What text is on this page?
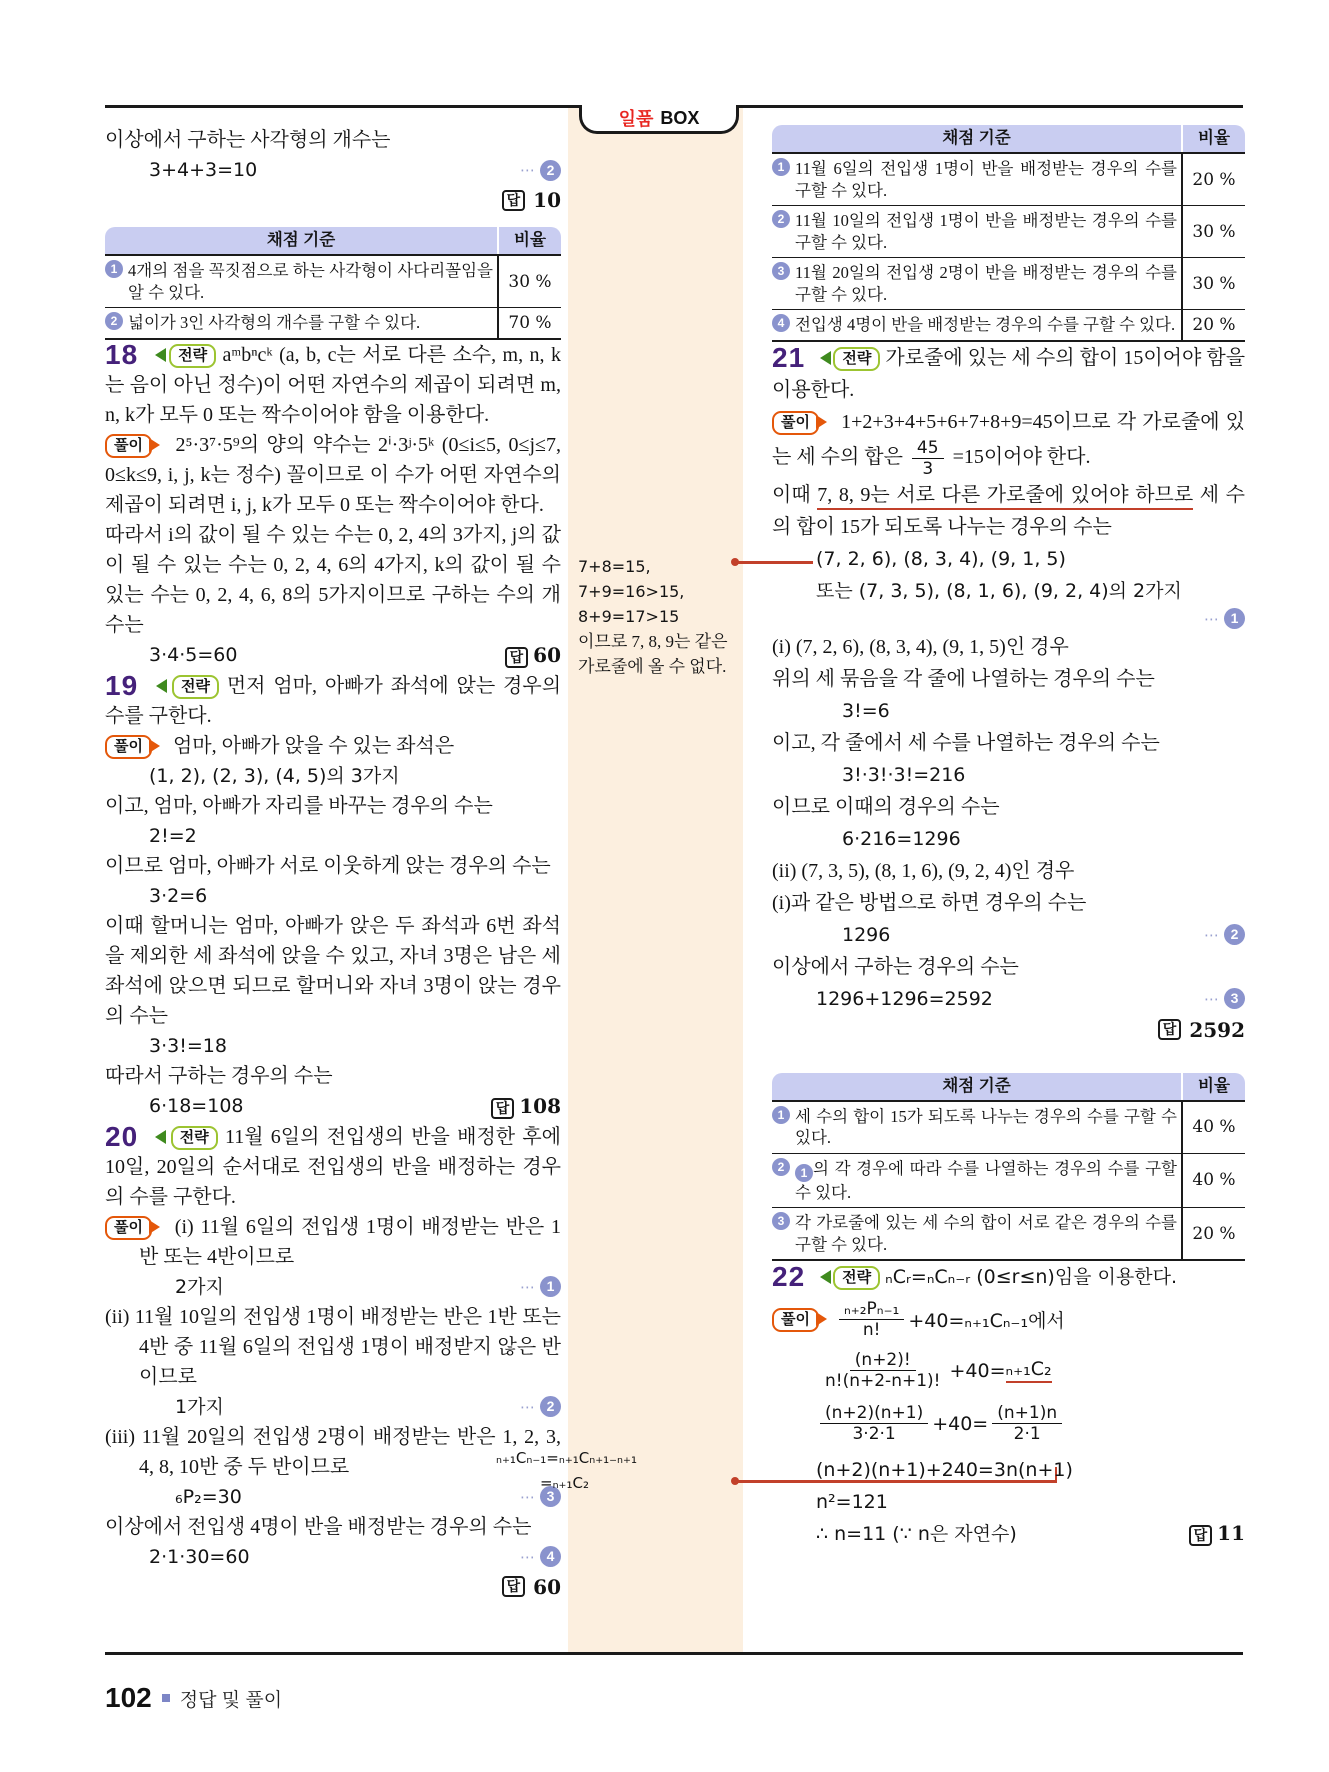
일품 BOX

이상에서 구하는 사각형의 개수는

3+4+3=10	⋯ 2
답 10
채점 기준	비율
1 4개의 점을 꼭짓점으로 하는 사각형이 사다리꼴임을 알 수 있다.
30 %
2 넓이가 3인 사각형의 개수를 구할 수 있다.	70 %

18	전략 aᵐbⁿcᵏ (a, b, c는 서로 다른 소수, m, n, k는 음이 아닌 정수)이 어떤 자연수의 제곱이 되려면 m, n, k가 모두 0 또는 짝수이어야 함을 이용한다.

풀이 2⁵·3⁷·5⁹의 양의 약수는 2ⁱ·3ʲ·5ᵏ (0≤i≤5, 0≤j≤7, 0≤k≤9, i, j, k는 정수) 꼴이므로 이 수가 어떤 자연수의 제곱이 되려면 i, j, k가 모두 0 또는 짝수이어야 한다.

따라서 i의 값이 될 수 있는 수는 0, 2, 4의 3가지, j의 값이 될 수 있는 수는 0, 2, 4, 6의 4가지, k의 값이 될 수 있는 수는 0, 2, 4, 6, 8의 5가지이므로 구하는 수의 개수는

3·4·5=60	답 60

19	전략 먼저 엄마, 아빠가 좌석에 앉는 경우의 수를 구한다.

풀이 엄마, 아빠가 앉을 수 있는 좌석은

(1, 2), (2, 3), (4, 5)의 3가지

이고, 엄마, 아빠가 자리를 바꾸는 경우의 수는

2!=2

이므로 엄마, 아빠가 서로 이웃하게 앉는 경우의 수는

3·2=6

이때 할머니는 엄마, 아빠가 앉은 두 좌석과 6번 좌석을 제외한 세 좌석에 앉을 수 있고, 자녀 3명은 남은 세 좌석에 앉으면 되므로 할머니와 자녀 3명이 앉는 경우의 수는

3·3!=18

따라서 구하는 경우의 수는

6·18=108	답 108

20	전략 11월 6일의 전입생의 반을 배정한 후에 10일, 20일의 순서대로 전입생의 반을 배정하는 경우의 수를 구한다.

풀이 (i) 11월 6일의 전입생 1명이 배정받는 반은 1반 또는 4반이므로

2가지	⋯ 1

(ii) 11월 10일의 전입생 1명이 배정받는 반은 1반 또는 4반 중 11월 6일의 전입생 1명이 배정받지 않은 반이므로

1가지	⋯ 2

(iii) 11월 20일의 전입생 2명이 배정받는 반은 1, 2, 3, 4, 8, 10반 중 두 반이므로

₆P₂=30	⋯ 3

이상에서 전입생 4명이 반을 배정받는 경우의 수는

2·1·30=60	⋯ 4
답 60
7+8=15,
7+9=16>15,
8+9=17>15
이므로 7, 8, 9는 같은 가로줄에 올 수 없다.
ₙ₊₁Cₙ₋₁=ₙ₊₁Cₙ₊₁₋ₙ₊₁
=ₙ₊₁C₂
채점 기준	비율
1 11월 6일의 전입생 1명이 반을 배정받는 경우의 수를 구할 수 있다.
20 %
2 11월 10일의 전입생 1명이 반을 배정받는 경우의 수를 구할 수 있다.
30 %
3 11월 20일의 전입생 2명이 반을 배정받는 경우의 수를 구할 수 있다.
30 %
4 전입생 4명이 반을 배정받는 경우의 수를 구할 수 있다.	20 %

21 전략 가로줄에 있는 세 수의 합이 15이어야 함을 이용한다.

풀이 1+2+3+4+5+6+7+8+9=45이므로 각 가로줄에 있는 세 수의 합은 $\frac{45}{3} =15$이어야 한다.

이때 7, 8, 9는 서로 다른 가로줄에 있어야 하므로 세 수의 합이 15가 되도록 나누는 경우의 수는

(7, 2, 6), (8, 3, 4), (9, 1, 5)
또는 (7, 3, 5), (8, 1, 6), (9, 2, 4)의 2가지
⋯ 1

(i) (7, 2, 6), (8, 3, 4), (9, 1, 5)인 경우

위의 세 묶음을 각 줄에 나열하는 경우의 수는

3!=6

이고, 각 줄에서 세 수를 나열하는 경우의 수는

3!·3!·3!=216

이므로 이때의 경우의 수는

6·216=1296

(ii) (7, 3, 5), (8, 1, 6), (9, 2, 4)인 경우

(i)과 같은 방법으로 하면 경우의 수는

1296	⋯ 2

이상에서 구하는 경우의 수는

1296+1296=2592	⋯ 3
답 2592
채점 기준	비율
1 세 수의 합이 15가 되도록 나누는 경우의 수를 구할 수 있다.
40 %
2	1 의 각 경우에 따라 수를 나열하는 경우의 수를 구할 수 있다.
40 %
3 각 가로줄에 있는 세 수의 합이 서로 같은 경우의 수를 구할 수 있다.
20 %

22 전략 ₙCᵣ=ₙCₙ₋ᵣ (0≤r≤n)임을 이용한다.

풀이	$\frac{\text{ₙ₊₂Pₙ₋₁}}{n!} +40=_{n+1}C_{n-1}$에서
$\frac{(n+2)!}{n!(n+2-n+1)!} +40= _{n+1}C_2$
$\frac{(n+2)(n+1)}{3\cdot 2\cdot 1} +40= \frac{(n+1)n}{2\cdot 1}$
(n+2)(n+1)+240=3n(n+1)
n²=121
∴ n=11 (∵ n은 자연수)	답 11
102 정답 및 풀이
